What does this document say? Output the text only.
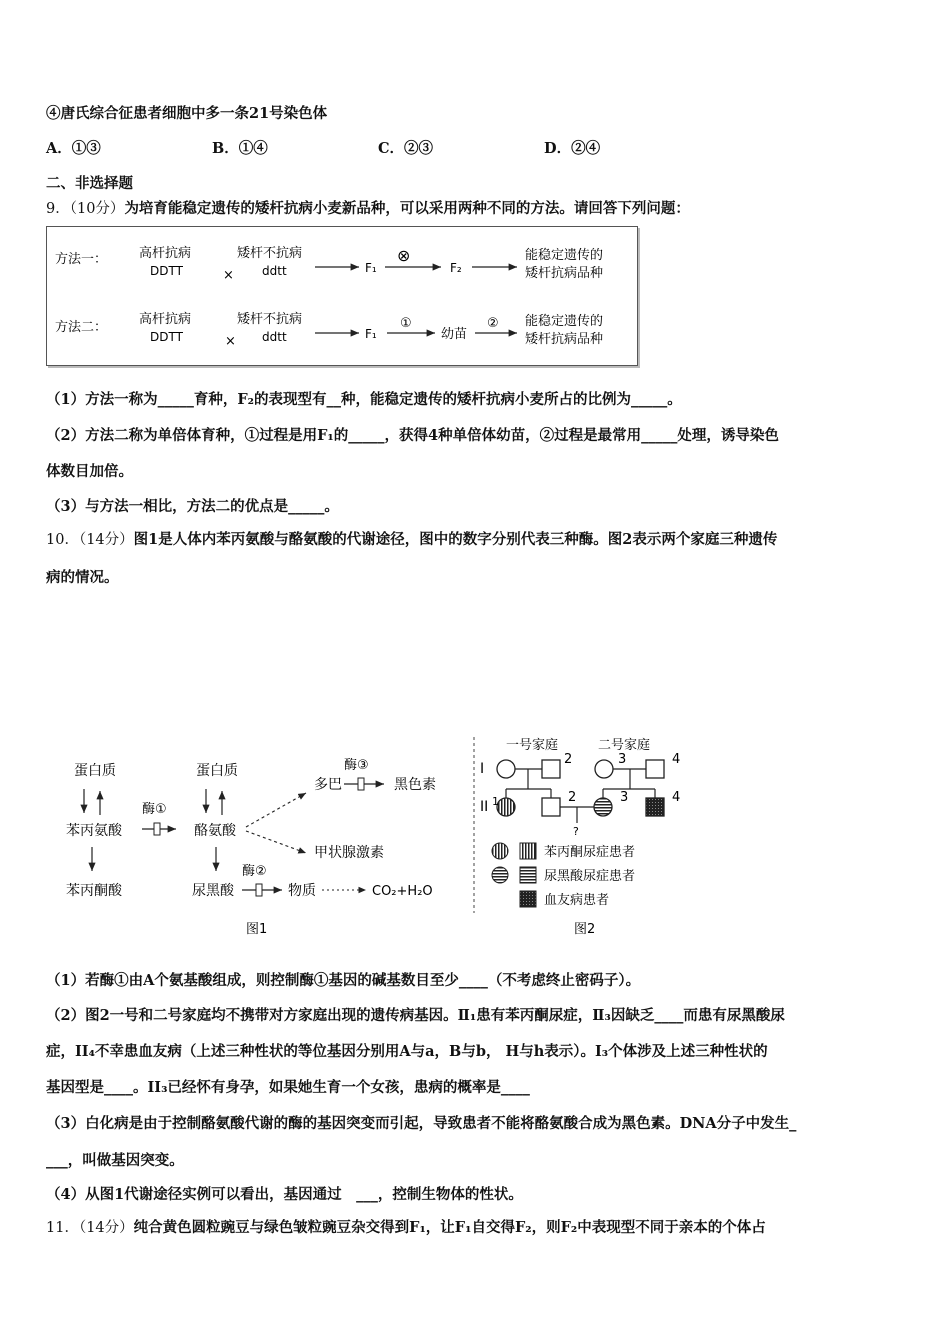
④唐氏综合征患者细胞中多一条21号染色体
A．①③	B．①④	C．②③	D．②④
二、非选择题
9．（10分）为培育能稳定遗传的矮杆抗病小麦新品种，可以采用两种不同的方法。请回答下列问题：
方法一： 高杆抗病
DDTT	×
矮杆不抗病
ddtt	F₁
⊗
F₂
能稳定遗传的
矮杆抗病品种
方法二：
高杆抗病
DDTT	×
矮杆不抗病
ddtt	F₁
①
幼苗
② 能稳定遗传的
矮杆抗病品种
（1）方法一称为_____育种，F₂的表现型有__种，能稳定遗传的矮杆抗病小麦所占的比例为_____。
（2）方法二称为单倍体育种，①过程是用F₁的_____，获得4种单倍体幼苗，②过程是最常用_____处理，诱导染色
体数目加倍。
（3）与方法一相比，方法二的优点是_____。
10．（14分）图1是人体内苯丙氨酸与酪氨酸的代谢途径，图中的数字分别代表三种酶。图2表示两个家庭三种遗传
病的情况。
蛋白质
苯丙氨酸
酶①
苯丙酮酸
蛋白质
酪氨酸
多巴
酶③
黑色素
甲状腺激素
尿黑酸
酶②
物质	CO₂+H₂O
图1
一号家庭	二号家庭
I
II
2
1	2
?
3	4
3	4
苯丙酮尿症患者
尿黑酸尿症患者
血友病患者
图2
（1）若酶①由A个氨基酸组成，则控制酶①基因的碱基数目至少____（不考虑终止密码子）。
（2）图2一号和二号家庭均不携带对方家庭出现的遗传病基因。Ⅱ₁患有苯丙酮尿症，Ⅱ₃因缺乏____而患有尿黑酸尿
症，II₄不幸患血友病（上述三种性状的等位基因分别用A与a，B与b， H与h表示）。I₃个体涉及上述三种性状的
基因型是____。II₃已经怀有身孕，如果她生育一个女孩，患病的概率是____
（3）白化病是由于控制酪氨酸代谢的酶的基因突变而引起，导致患者不能将酪氨酸合成为黑色素。DNA分子中发生_
___，叫做基因突变。
（4）从图1代谢途径实例可以看出，基因通过　___，控制生物体的性状。
11．（14分）纯合黄色圆粒豌豆与绿色皱粒豌豆杂交得到F₁，让F₁自交得F₂，则F₂中表现型不同于亲本的个体占
